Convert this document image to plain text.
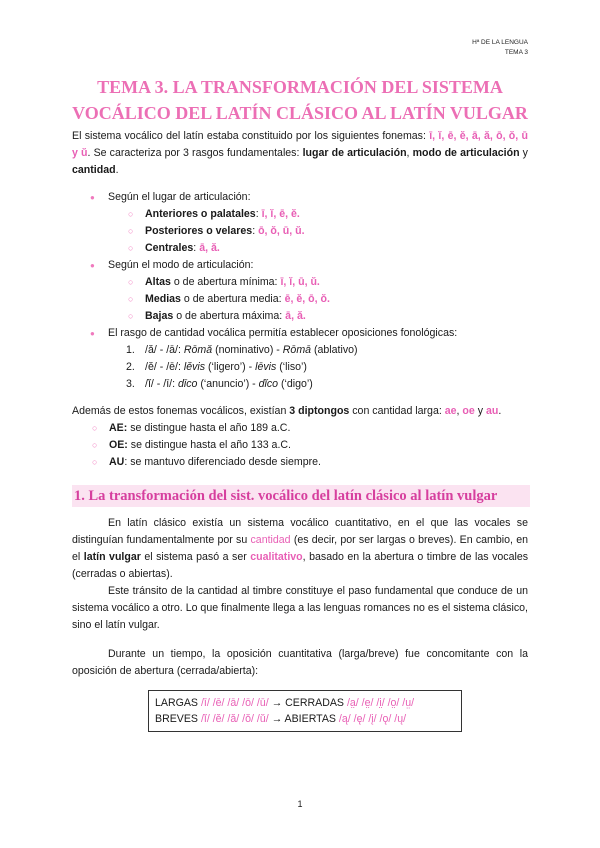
Hª DE LA LENGUA
TEMA 3
TEMA 3. LA TRANSFORMACIÓN DEL SISTEMA
VOCÁLICO DEL LATÍN CLÁSICO AL LATÍN VULGAR

El sistema vocálico del latín estaba constituido por los siguientes fonemas: ī, ĭ, ē, ĕ, ā, ă, ō, ŏ, ū y ŭ. Se caracteriza por 3 rasgos fundamentales: lugar de articulación, modo de articulación y cantidad.

● Según el lugar de articulación:
○ Anteriores o palatales: ī, ĭ, ē, ĕ.
○ Posteriores o velares: ō, ŏ, ū, ŭ.
○ Centrales: ā, ă.
● Según el modo de articulación:
○ Altas o de abertura mínima: ī, ĭ, ū, ŭ.
○ Medias o de abertura media: ē, ĕ, ō, ŏ.
○ Bajas o de abertura máxima: ā, ă.
● El rasgo de cantidad vocálica permitía establecer oposiciones fonológicas:
1. /ă/ - /ā/: Rōmă (nominativo) - Rōmā (ablativo)
2. /ĕ/ - /ē/: lĕvis (‘ligero’) - lēvis (‘liso’)
3. /ĭ/ - /ī/: dīco (‘anuncio’) - dĭco (‘digo’)

Además de estos fonemas vocálicos, existían 3 diptongos con cantidad larga: ae, oe y au.

○ AE: se distingue hasta el año 189 a.C.
○ OE: se distingue hasta el año 133 a.C.
○ AU: se mantuvo diferenciado desde siempre.
1. La transformación del sist. vocálico del latín clásico al latín vulgar

En latín clásico existía un sistema vocálico cuantitativo, en el que las vocales se distinguían fundamentalmente por su cantidad (es decir, por ser largas o breves). En cambio, en el latín vulgar el sistema pasó a ser cualitativo, basado en la abertura o timbre de las vocales (cerradas o abiertas).

Este tránsito de la cantidad al timbre constituye el paso fundamental que conduce de un sistema vocálico a otro. Lo que finalmente llega a las lenguas romances no es el sistema clásico, sino el latín vulgar.

Durante un tiempo, la oposición cuantitativa (larga/breve) fue concomitante con la oposición de abertura (cerrada/abierta):

LARGAS /ī/ /ē/ /ā/ /ō/ /ū/ → CERRADAS /a̤/ /e̤/ /i̤/ /o̤/ /ṳ/
BREVES /ĭ/ /ĕ/ /ă/ /ŏ/ /ŭ/ → ABIERTAS /ą/ /ę/ /į/ /ǫ/ /ų/
1
